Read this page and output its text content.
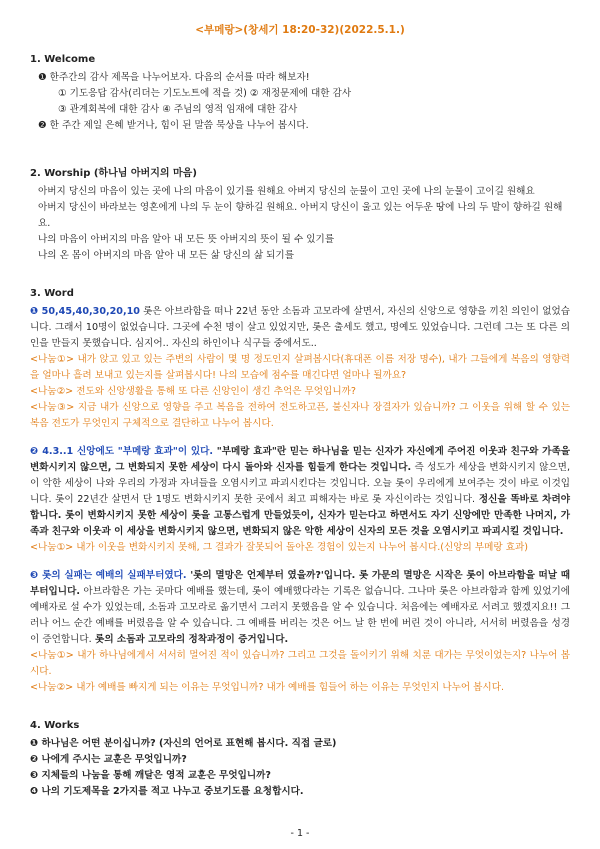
<부메랑>(창세기 18:20-32)(2022.5.1.)
1. Welcome

❶ 한주간의 감사 제목을 나누어보자. 다음의 순서를 따라 해보자!

① 기도응답 감사(리더는 기도노트에 적을 것) ② 재정문제에 대한 감사

③ 관계회복에 대한 감사 ④ 주님의 영적 임재에 대한 감사

❷ 한 주간 제일 은혜 받거나, 힘이 된 말씀 묵상을 나누어 봅시다.

2. Worship (하나님 아버지의 마음)

아버지 당신의 마음이 있는 곳에 나의 마음이 있기를 원해요 아버지 당신의 눈물이 고인 곳에 나의 눈물이 고이길 원해요

아버지 당신이 바라보는 영혼에게 나의 두 눈이 향하길 원해요. 아버지 당신이 울고 있는 어두운 땅에 나의 두 발이 향하길 원해요.

나의 마음이 아버지의 마음 알아 내 모든 뜻 아버지의 뜻이 될 수 있기를

나의 온 몸이 아버지의 마음 알아 내 모든 삶 당신의 삶 되기를

3. Word

❶ 50,45,40,30,20,10 롯은 아브라함을 떠나 22년 동안 소돔과 고모라에 살면서, 자신의 신앙으로 영향을 끼친 의인이 없었습니다. 그래서 10명이 없었습니다. 그곳에 수천 명이 살고 있었지만, 롯은 출세도 했고, 명예도 있었습니다. 그런데 그는 또 다른 의인을 만들지 못했습니다. 심지어.. 자신의 하인이나 식구들 중에서도..

<나눔①> 내가 앉고 있고 있는 주변의 사람이 몇 명 정도인지 살펴봅시다(휴대폰 이름 저장 명수), 내가 그들에게 복음의 영향력을 얼마나 흘려 보내고 있는지를 살펴봅시다! 나의 모습에 점수를 매긴다면 얼마나 될까요?

<나눔②> 전도와 신앙생활을 통해 또 다른 신앙인이 생긴 추억은 무엇입니까?

<나눔③> 지금 내가 신앙으로 영향을 주고 복음을 전하여 전도하고픈, 불신자나 장결자가 있습니까? 그 이웃을 위해 할 수 있는 복음 전도가 무엇인지 구체적으로 결단하고 나누어 봅시다.

❷ 4.3..1 신앙에도 "부메랑 효과"이 있다. "부메랑 효과"란 믿는 하나님을 믿는 신자가 자신에게 주어진 이웃과 친구와 가족을 변화시키지 않으면, 그 변화되지 못한 세상이 다시 돌아와 신자를 힘들게 한다는 것입니다. 즉 성도가 세상을 변화시키지 않으면, 이 악한 세상이 나와 우리의 가정과 자녀들을 오염시키고 파괴시킨다는 것입니다. 오늘 롯이 우리에게 보여주는 것이 바로 이것입니다. 롯이 22년간 살면서 단 1명도 변화시키지 못한 곳에서 최고 피해자는 바로 롯 자신이라는 것입니다. 정신을 똑바로 차려야 합니다. 롯이 변화시키지 못한 세상이 롯을 고통스럽게 만들었듯이, 신자가 믿는다고 하면서도 자기 신앙에만 만족한 나머지, 가족과 친구와 이웃과 이 세상을 변화시키지 않으면, 변화되지 않은 악한 세상이 신자의 모든 것을 오염시키고 파괴시킬 것입니다.

<나눔①> 내가 이웃을 변화시키지 못해, 그 결과가 잘못되어 돌아온 경험이 있는지 나누어 봅시다.(신앙의 부메랑 효과)

❸ 롯의 실패는 예배의 실패부터였다. '롯의 멸망은 언제부터 였을까?'입니다. 롯 가문의 멸망은 시작은 롯이 아브라함을 떠날 때부터입니다. 아브라함은 가는 곳마다 예배를 했는데, 롯이 예배했다라는 기록은 없습니다. 그나마 롯은 아브라함과 함께 있었기에 예배자로 설 수가 있었는데, 소돔과 고모라로 옮기면서 그러지 못했음을 알 수 있습니다. 처음에는 예배자로 서려고 했겠지요!! 그러나 어느 순간 예배를 버렸음을 알 수 있습니다. 그 예배를 버리는 것은 어느 날 한 번에 버린 것이 아니라, 서서히 버렸음을 성경이 증언합니다. 롯의 소돔과 고모라의 정착과정이 증거입니다.

<나눔①> 내가 하나님에게서 서서히 멀어진 적이 있습니까? 그리고 그것을 돌이키기 위해 치룬 대가는 무엇이었는지? 나누어 봅시다.

<나눔②> 내가 예배를 빠지게 되는 이유는 무엇입니까? 내가 예배를 힘들어 하는 이유는 무엇인지 나누어 봅시다.

4. Works

❶ 하나님은 어떤 분이십니까? (자신의 언어로 표현해 봅시다. 직접 글로)

❷ 나에게 주시는 교훈은 무엇입니까?

❸ 지체들의 나눔을 통해 깨달은 영적 교훈은 무엇입니까?

❹ 나의 기도제목을 2가지를 적고 나누고 중보기도를 요청합시다.

- 1 -
